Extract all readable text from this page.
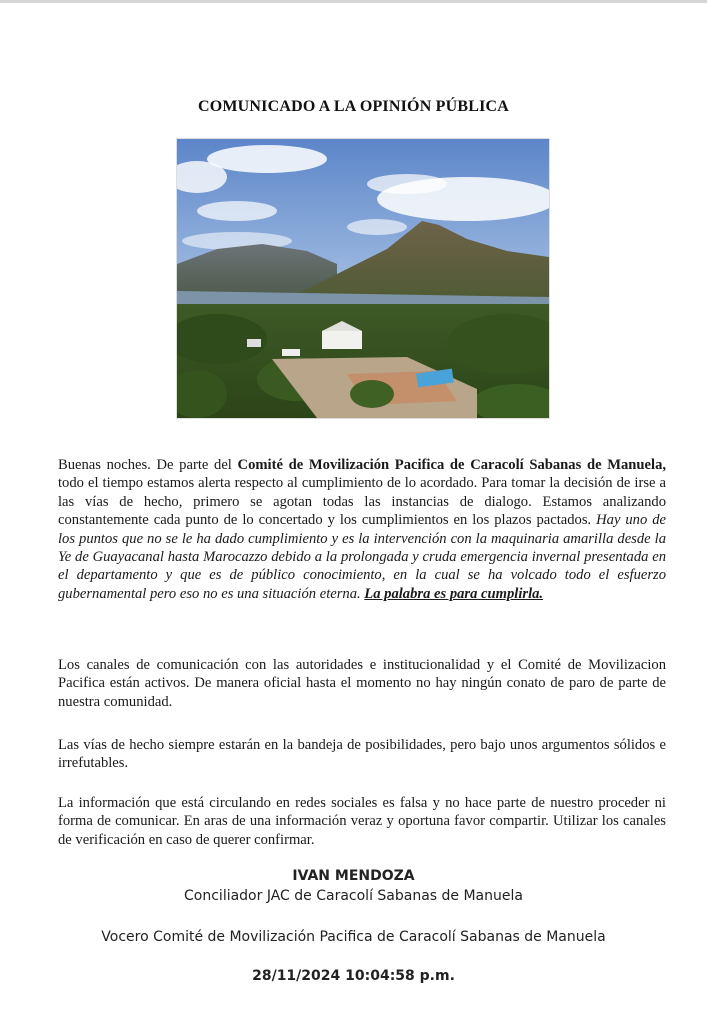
COMUNICADO A LA OPINIÓN PÚBLICA

Buenas noches. De parte del Comité de Movilización Pacifica de Caracolí Sabanas de Manuela, todo el tiempo estamos alerta respecto al cumplimiento de lo acordado. Para tomar la decisión de irse a las vías de hecho, primero se agotan todas las instancias de dialogo. Estamos analizando constantemente cada punto de lo concertado y los cumplimientos en los plazos pactados. Hay uno de los puntos que no se le ha dado cumplimiento y es la intervención con la maquinaria amarilla desde la Ye de Guayacanal hasta Marocazzo debido a la prolongada y cruda emergencia invernal presentada en el departamento y que es de público conocimiento, en la cual se ha volcado todo el esfuerzo gubernamental pero eso no es una situación eterna. La palabra es para cumplirla.

Los canales de comunicación con las autoridades e institucionalidad y el Comité de Movilizacion Pacifica están activos. De manera oficial hasta el momento no hay ningún conato de paro de parte de nuestra comunidad.

Las vías de hecho siempre estarán en la bandeja de posibilidades, pero bajo unos argumentos sólidos e irrefutables.

La información que está circulando en redes sociales es falsa y no hace parte de nuestro proceder ni forma de comunicar. En aras de una información veraz y oportuna favor compartir. Utilizar los canales de verificación en caso de querer confirmar.

IVAN MENDOZA
Conciliador JAC de Caracolí Sabanas de Manuela
Vocero Comité de Movilización Pacifica de Caracolí Sabanas de Manuela
28/11/2024 10:04:58 p.m.
